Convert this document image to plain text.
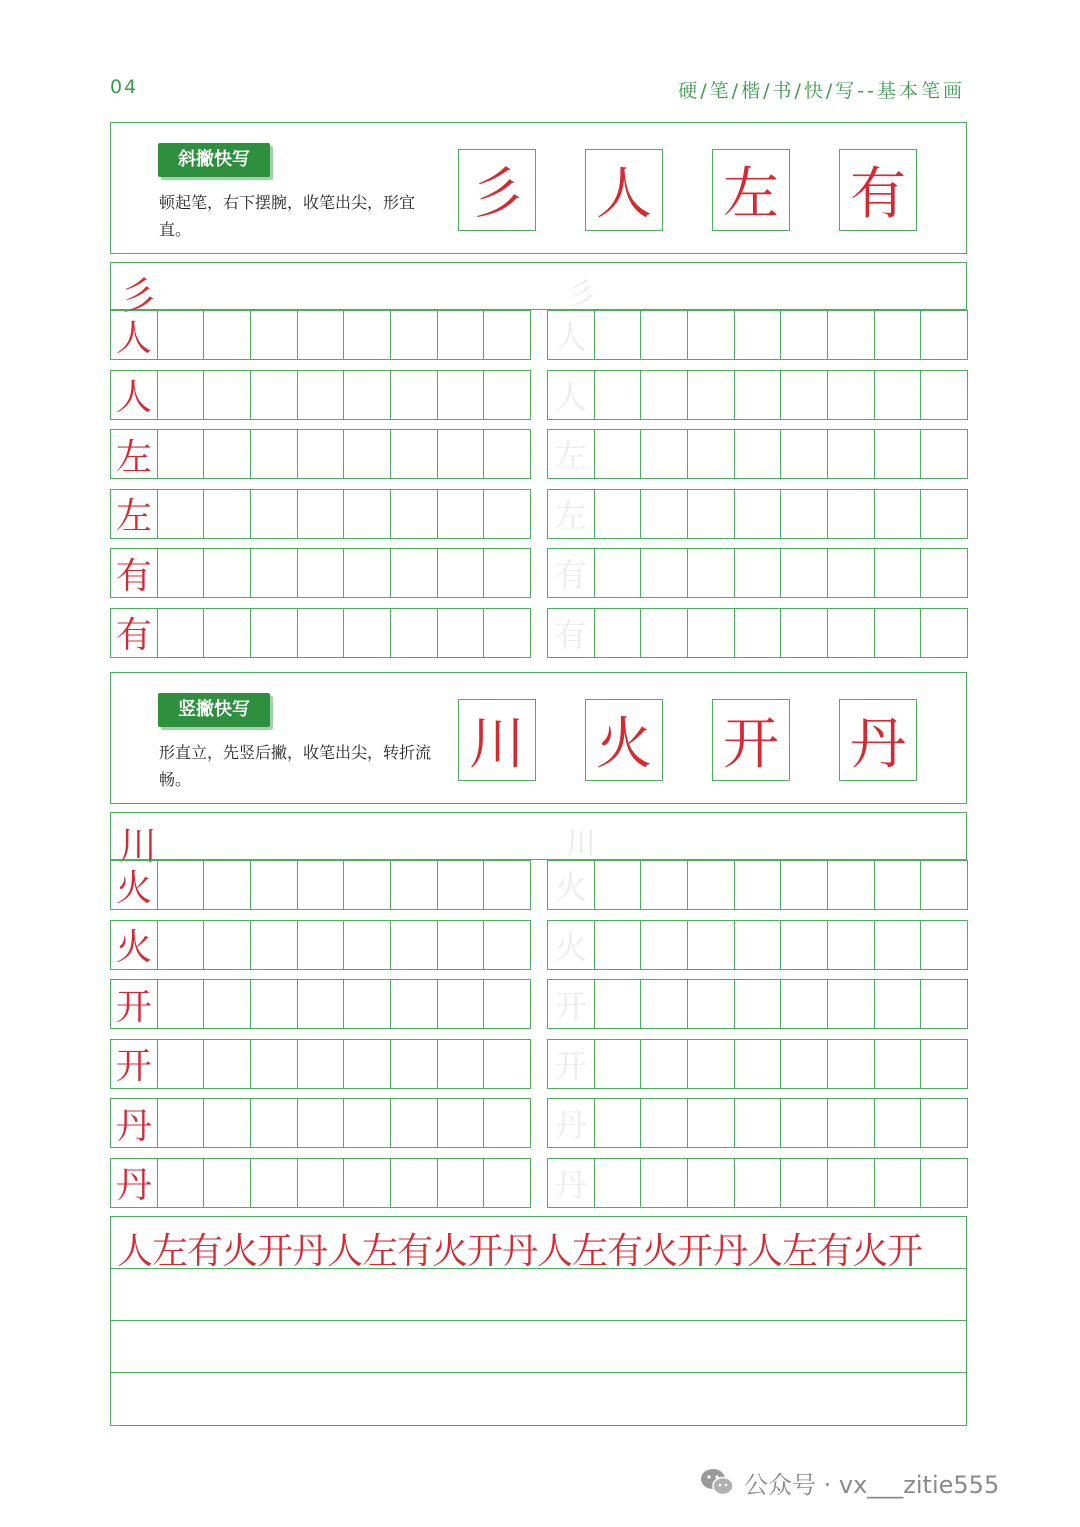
04	硬/笔/楷/书/快/写--基本笔画
斜撇快写
顿起笔，右下摆腕，收笔出尖，形宜直。
彡 人 左 有
彡	彡
人	人
人	人
左	左
左	左
有	有
有	有
竖撇快写
形直立，先竖后撇，收笔出尖，转折流畅。
川 火 开 丹
川	川
火	火
火	火
开	开
开	开
丹	丹
丹	丹
人左有火开丹人左有火开丹人左有火开丹人左有火开
公众号 · vx___zitie555
